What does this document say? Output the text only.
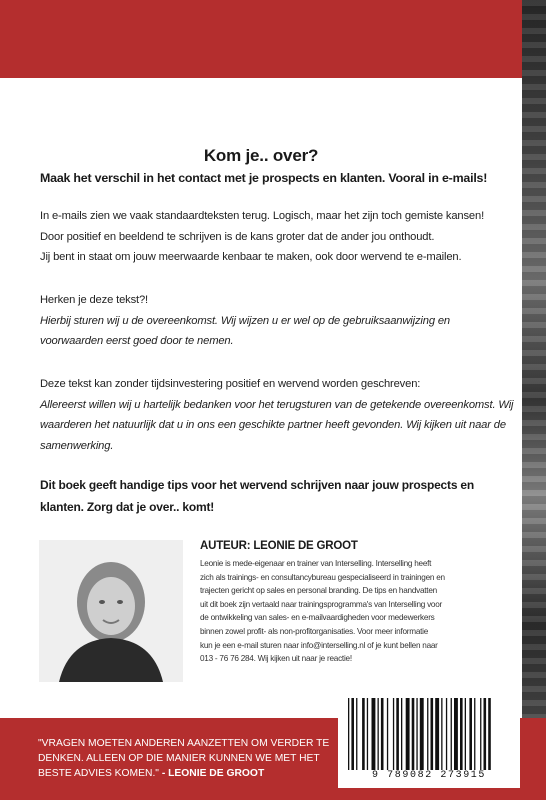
Kom je.. over?
Maak het verschil in het contact met je prospects en klanten. Vooral in e-mails!
In e-mails zien we vaak standaardteksten terug. Logisch, maar het zijn toch gemiste kansen!
Door positief en beeldend te schrijven is de kans groter dat de ander jou onthoudt.
Jij bent in staat om jouw meerwaarde kenbaar te maken, ook door wervend te e-mailen.
Herken je deze tekst?!
Hierbij sturen wij u de overeenkomst. Wij wijzen u er wel op de gebruiksaanwijzing en
voorwaarden eerst goed door te nemen.
Deze tekst kan zonder tijdsinvestering positief en wervend worden geschreven:
Allereerst willen wij u hartelijk bedanken voor het terugsturen van de getekende overeenkomst. Wij
waarderen het natuurlijk dat u in ons een geschikte partner heeft gevonden. Wij kijken uit naar de
samenwerking.
Dit boek geeft handige tips voor het wervend schrijven naar jouw prospects en
klanten. Zorg dat je over.. komt!
AUTEUR: LEONIE DE GROOT
Leonie is mede-eigenaar en trainer van Interselling. Interselling heeft
zich als trainings- en consultancybureau gespecialiseerd in trainingen en
trajecten gericht op sales en personal branding. De tips en handvatten
uit dit boek zijn vertaald naar trainingsprogramma's van Interselling voor
de ontwikkeling van sales- en e-mailvaardigheden voor medewerkers
binnen zowel profit- als non-profitorganisaties. Voor meer informatie
kun je een e-mail sturen naar info@interselling.nl of je kunt bellen naar
013 - 76 76 284. Wij kijken uit naar je reactie!
"VRAGEN MOETEN ANDEREN AANZETTEN OM VERDER TE
DENKEN. ALLEEN OP DIE MANIER KUNNEN WE MET HET
BESTE ADVIES KOMEN." - LEONIE DE GROOT	9 789082 273915
